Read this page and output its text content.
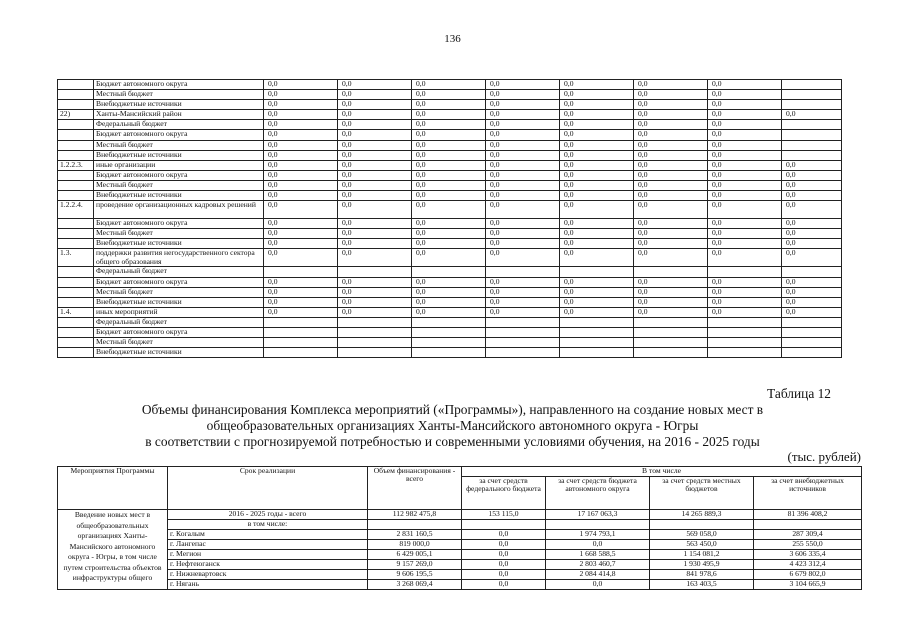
136
	Бюджет автономного округа	0,0	0,0	0,0	0,0	0,0	0,0	0,0	
	Местный бюджет	0,0	0,0	0,0	0,0	0,0	0,0	0,0	
	Внебюджетные источники	0,0	0,0	0,0	0,0	0,0	0,0	0,0	
22)	Ханты-Мансийский район	0,0	0,0	0,0	0,0	0,0	0,0	0,0	0,0
	Федеральный бюджет	0,0	0,0	0,0	0,0	0,0	0,0	0,0	
	Бюджет автономного округа	0,0	0,0	0,0	0,0	0,0	0,0	0,0	
	Местный бюджет	0,0	0,0	0,0	0,0	0,0	0,0	0,0	
	Внебюджетные источники	0,0	0,0	0,0	0,0	0,0	0,0	0,0	
1.2.2.3.	иные организации	0,0	0,0	0,0	0,0	0,0	0,0	0,0	0,0
	Бюджет автономного округа	0,0	0,0	0,0	0,0	0,0	0,0	0,0	0,0
	Местный бюджет	0,0	0,0	0,0	0,0	0,0	0,0	0,0	0,0
	Внебюджетные источники	0,0	0,0	0,0	0,0	0,0	0,0	0,0	0,0
1.2.2.4.	проведение организационных кадровых решений	0,0	0,0	0,0	0,0	0,0	0,0	0,0	0,0
	Бюджет автономного округа	0,0	0,0	0,0	0,0	0,0	0,0	0,0	0,0
	Местный бюджет	0,0	0,0	0,0	0,0	0,0	0,0	0,0	0,0
	Внебюджетные источники	0,0	0,0	0,0	0,0	0,0	0,0	0,0	0,0
1.3.	поддержки развития негосударственного сектора общего образования	0,0	0,0	0,0	0,0	0,0	0,0	0,0	0,0
	Федеральный бюджет								
	Бюджет автономного округа	0,0	0,0	0,0	0,0	0,0	0,0	0,0	0,0
	Местный бюджет	0,0	0,0	0,0	0,0	0,0	0,0	0,0	0,0
	Внебюджетные источники	0,0	0,0	0,0	0,0	0,0	0,0	0,0	0,0
1.4.	иных мероприятий	0,0	0,0	0,0	0,0	0,0	0,0	0,0	0,0
	Федеральный бюджет								
	Бюджет автономного округа								
	Местный бюджет								
	Внебюджетные источники								
Таблица 12
Объемы финансирования Комплекса мероприятий («Программы»), направленного на создание новых мест в
общеобразовательных организациях Ханты-Мансийского автономного округа - Югры
в соответствии с прогнозируемой потребностью и современными условиями обучения, на 2016 - 2025 годы
(тыс. рублей)
Мероприятия Программы	Срок реализации	Объем финансирования - всего	В том числе			
			за счет средств федерального бюджета	за счет средств бюджета автономного округа	за счет средств местных бюджетов	за счет внебюджетных источников
Введение новых мест в общеобразовательных организациях Ханты-Мансийского автономного округа - Югры, в том числе путем строительства объектов инфраструктуры общего	2016 - 2025 годы - всего	112 982 475,8	153 115,0	17 167 063,3	14 265 889,3	81 396 408,2
	в том числе:					
	г. Когалым	2 831 160,5	0,0	1 974 793,1	569 058,0	287 309,4
	г. Лангепас	819 000,0	0,0	0,0	563 450,0	255 550,0
	г. Мегион	6 429 005,1	0,0	1 668 588,5	1 154 081,2	3 606 335,4
	г. Нефтеюганск	9 157 269,0	0,0	2 803 460,7	1 930 495,9	4 423 312,4
	г. Нижневартовск	9 606 195,5	0,0	2 084 414,8	841 978,6	6 679 802,0
	г. Нягань	3 268 069,4	0,0	0,0	163 403,5	3 104 665,9
